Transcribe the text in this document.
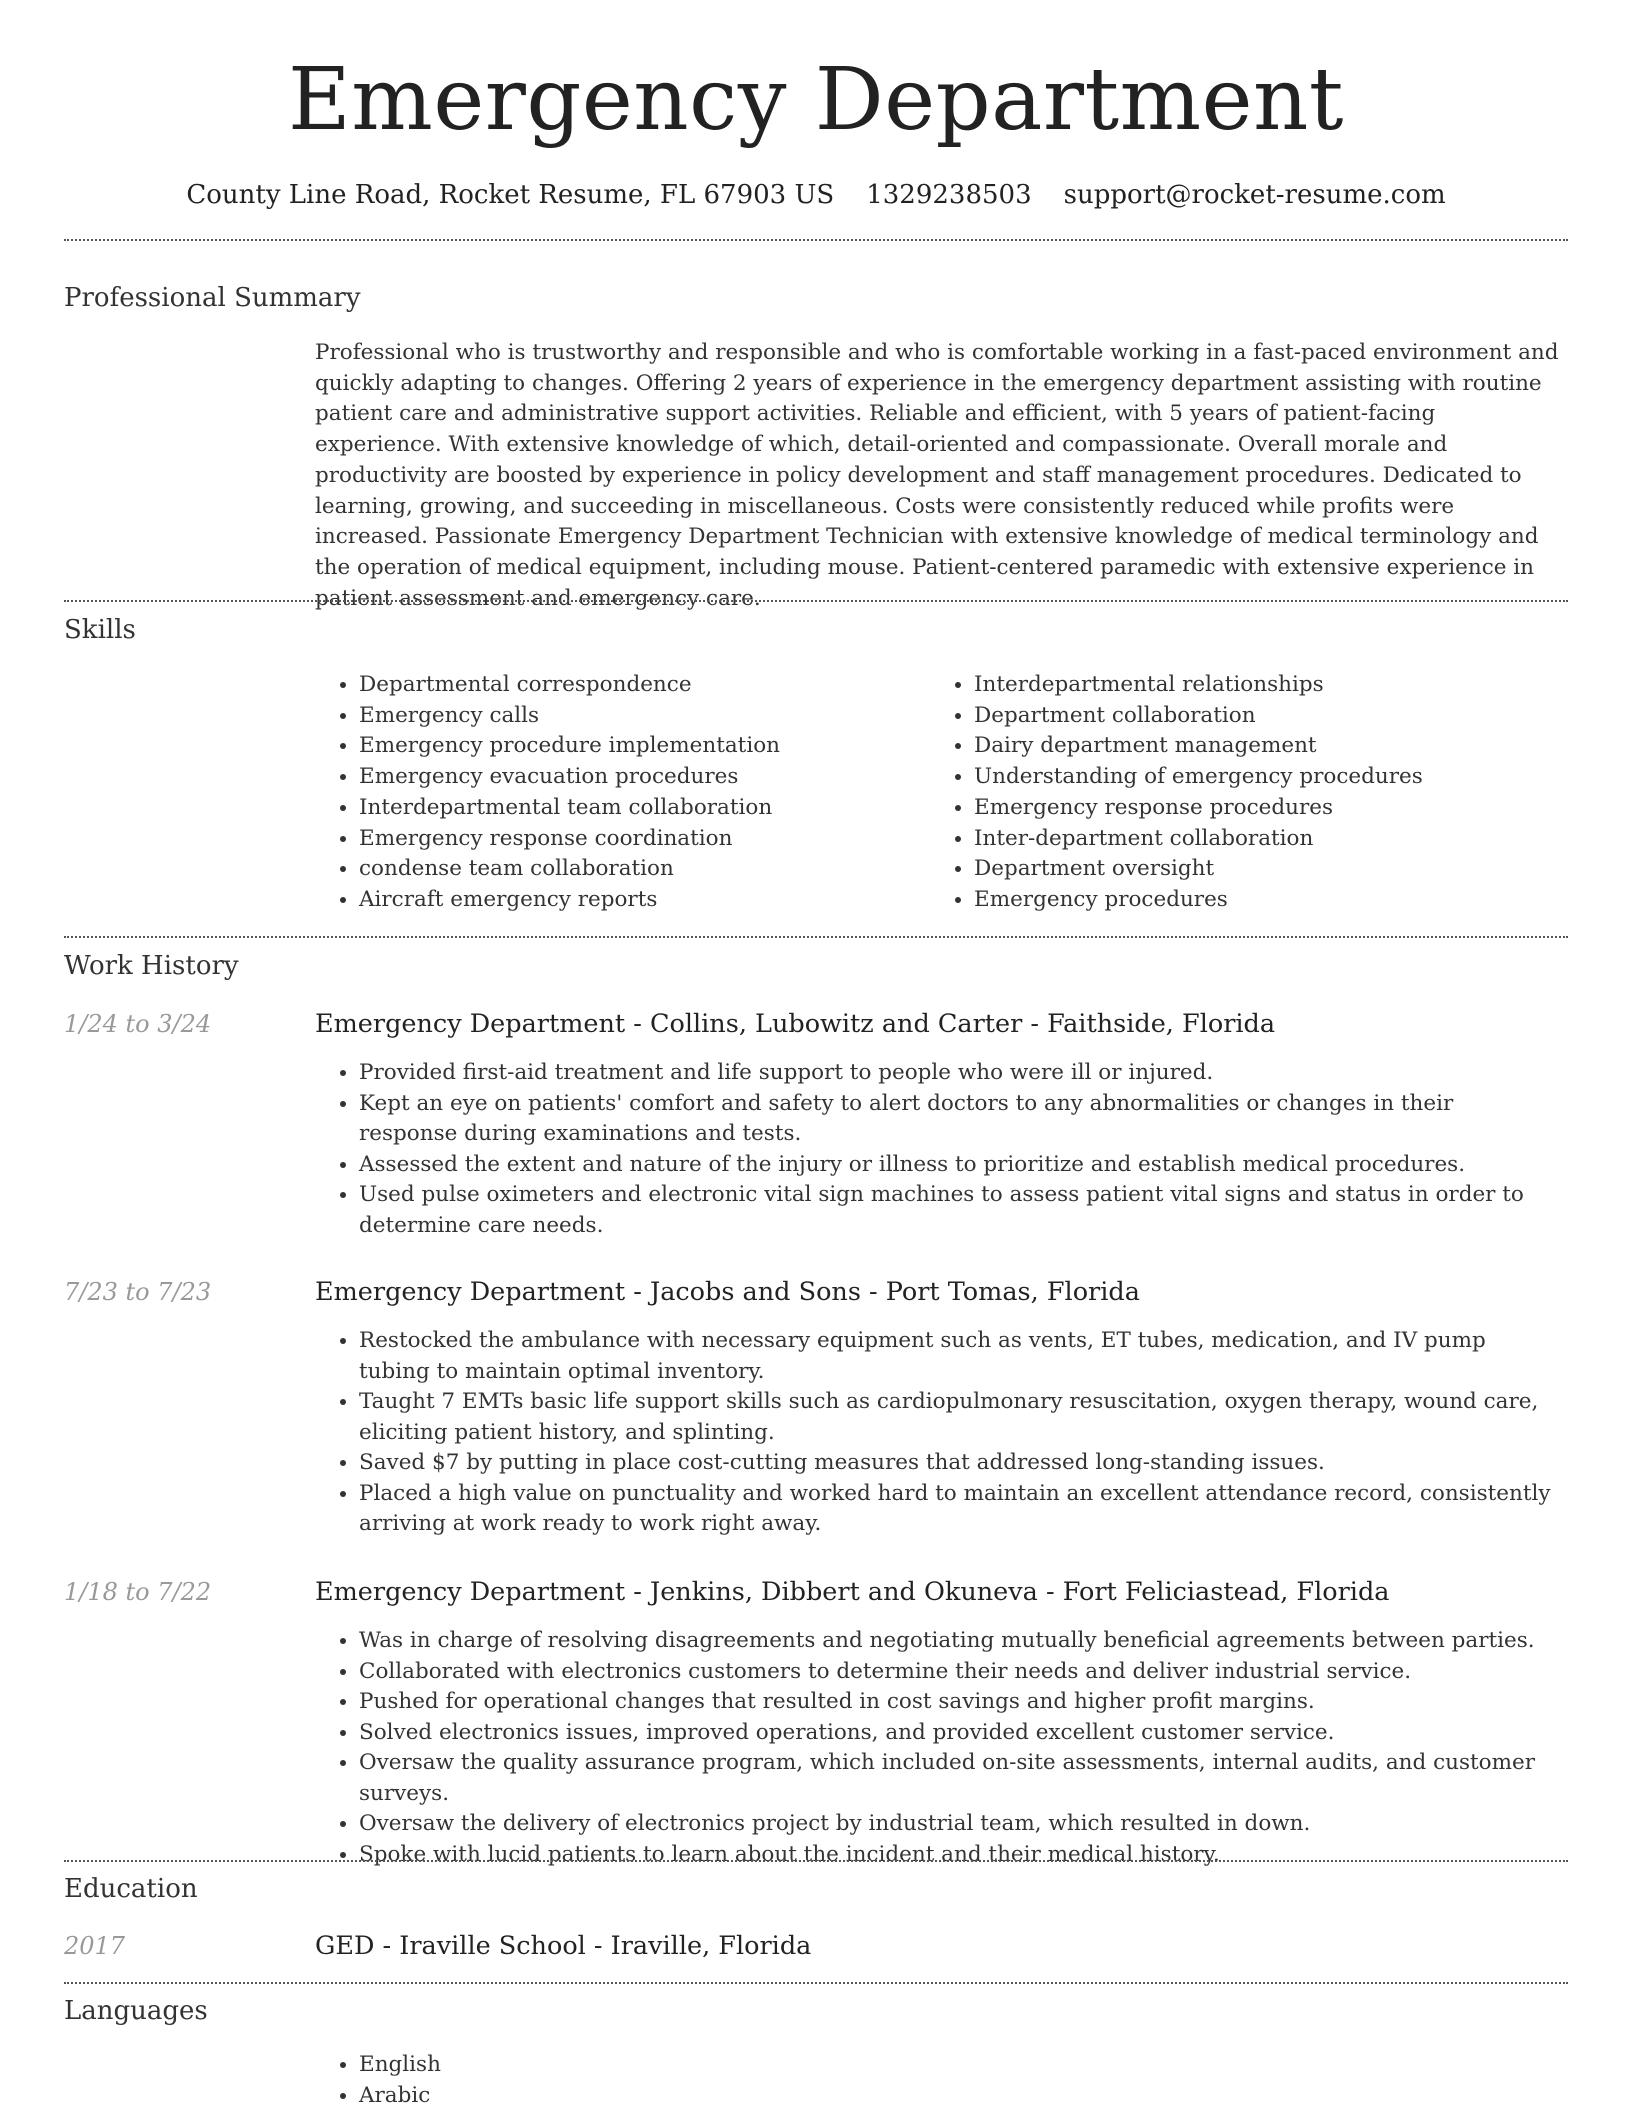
Emergency Department
County Line Road, Rocket Resume, FL 67903 US 1329238503 support@rocket-resume.com
Professional Summary

Professional who is trustworthy and responsible and who is comfortable working in a fast-paced environment and quickly adapting to changes. Offering 2 years of experience in the emergency department assisting with routine patient care and administrative support activities. Reliable and efficient, with 5 years of patient-facing experience. With extensive knowledge of which, detail-oriented and compassionate. Overall morale and productivity are boosted by experience in policy development and staff management procedures. Dedicated to learning, growing, and succeeding in miscellaneous. Costs were consistently reduced while profits were increased. Passionate Emergency Department Technician with extensive knowledge of medical terminology and the operation of medical equipment, including mouse. Patient-centered paramedic with extensive experience in patient assessment and emergency care.

Skills
• Departmental correspondence
• Emergency calls
• Emergency procedure implementation
• Emergency evacuation procedures
• Interdepartmental team collaboration
• Emergency response coordination
• condense team collaboration
• Aircraft emergency reports
• Interdepartmental relationships
• Department collaboration
• Dairy department management
• Understanding of emergency procedures
• Emergency response procedures
• Inter-department collaboration
• Department oversight
• Emergency procedures
Work History
1/24 to 3/24	Emergency Department - Collins, Lubowitz and Carter - Faithside, Florida
• Provided first-aid treatment and life support to people who were ill or injured.
• Kept an eye on patients' comfort and safety to alert doctors to any abnormalities or changes in their response during examinations and tests.
• Assessed the extent and nature of the injury or illness to prioritize and establish medical procedures.
• Used pulse oximeters and electronic vital sign machines to assess patient vital signs and status in order to determine care needs.
7/23 to 7/23	Emergency Department - Jacobs and Sons - Port Tomas, Florida
• Restocked the ambulance with necessary equipment such as vents, ET tubes, medication, and IV pump tubing to maintain optimal inventory.
• Taught 7 EMTs basic life support skills such as cardiopulmonary resuscitation, oxygen therapy, wound care, eliciting patient history, and splinting.
• Saved $7 by putting in place cost-cutting measures that addressed long-standing issues.
• Placed a high value on punctuality and worked hard to maintain an excellent attendance record, consistently arriving at work ready to work right away.
1/18 to 7/22	Emergency Department - Jenkins, Dibbert and Okuneva - Fort Feliciastead, Florida
• Was in charge of resolving disagreements and negotiating mutually beneficial agreements between parties.
• Collaborated with electronics customers to determine their needs and deliver industrial service.
• Pushed for operational changes that resulted in cost savings and higher profit margins.
• Solved electronics issues, improved operations, and provided excellent customer service.
• Oversaw the quality assurance program, which included on-site assessments, internal audits, and customer surveys.
• Oversaw the delivery of electronics project by industrial team, which resulted in down.
• Spoke with lucid patients to learn about the incident and their medical history.
Education
2017	GED - Iraville School - Iraville, Florida
Languages
• English
• Arabic
